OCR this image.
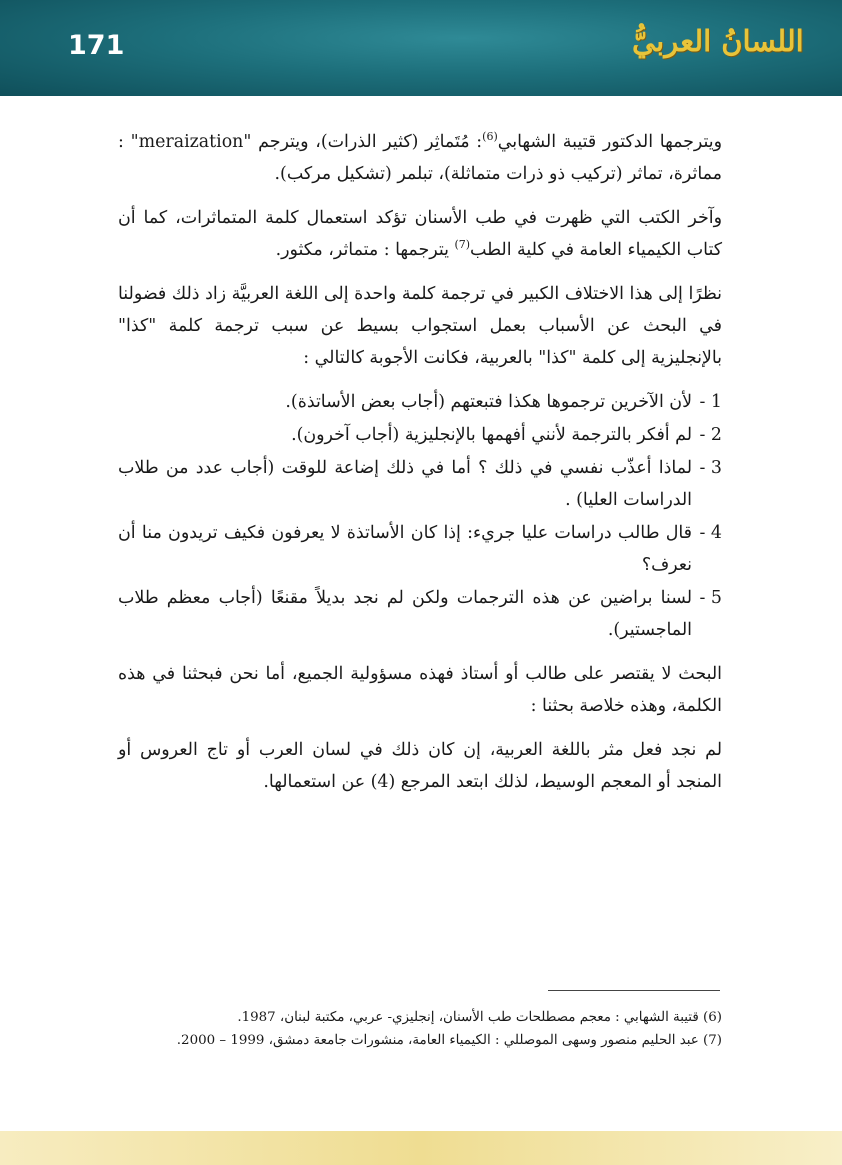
171	اللسانُ العربيُّ

ويترجمها الدكتور قتيبة الشهابي$^{(6)}$: مُتَماثِر (كثير الذرات)، ويترجم "meraization" : مماثرة، تماثر (تركيب ذو ذرات متماثلة)، تبلمر (تشكيل مركب).

وآخر الكتب التي ظهرت في طب الأسنان تؤكد استعمال كلمة المتماثرات، كما أن كتاب الكيمياء العامة في كلية الطب$^{(7)}$ يترجمها : متماثر، مكثور.

نظرًا إلى هذا الاختلاف الكبير في ترجمة كلمة واحدة إلى اللغة العربيَّة زاد ذلك فضولنا في البحث عن الأسباب بعمل استجواب بسيط عن سبب ترجمة كلمة "كذا" بالإنجليزية إلى كلمة "كذا" بالعربية، فكانت الأجوبة كالتالي :

1 -
لأن الآخرين ترجموها هكذا فتبعتهم (أجاب بعض الأساتذة).
2 -
لم أفكر بالترجمة لأنني أفهمها بالإنجليزية (أجاب آخرون).
3 -
لماذا أعذّب نفسي في ذلك ؟ أما في ذلك إضاعة للوقت (أجاب عدد من طلاب الدراسات العليا) .
4 -
قال طالب دراسات عليا جريء: إذا كان الأساتذة لا يعرفون فكيف تريدون منا أن نعرف؟
5 -
لسنا براضين عن هذه الترجمات ولكن لم نجد بديلاً مقنعًا (أجاب معظم طلاب الماجستير).

البحث لا يقتصر على طالب أو أستاذ فهذه مسؤولية الجميع، أما نحن فبحثنا في هذه الكلمة، وهذه خلاصة بحثنا :

لم نجد فعل مثر باللغة العربية، إن كان ذلك في لسان العرب أو تاج العروس أو المنجد أو المعجم الوسيط، لذلك ابتعد المرجع (4) عن استعمالها.

(6) قتيبة الشهابي : معجم مصطلحات طب الأسنان، إنجليزي- عربي، مكتبة لبنان، 1987.
(7) عبد الحليم منصور وسهى الموصللي : الكيمياء العامة، منشورات جامعة دمشق، 1999 – 2000.
